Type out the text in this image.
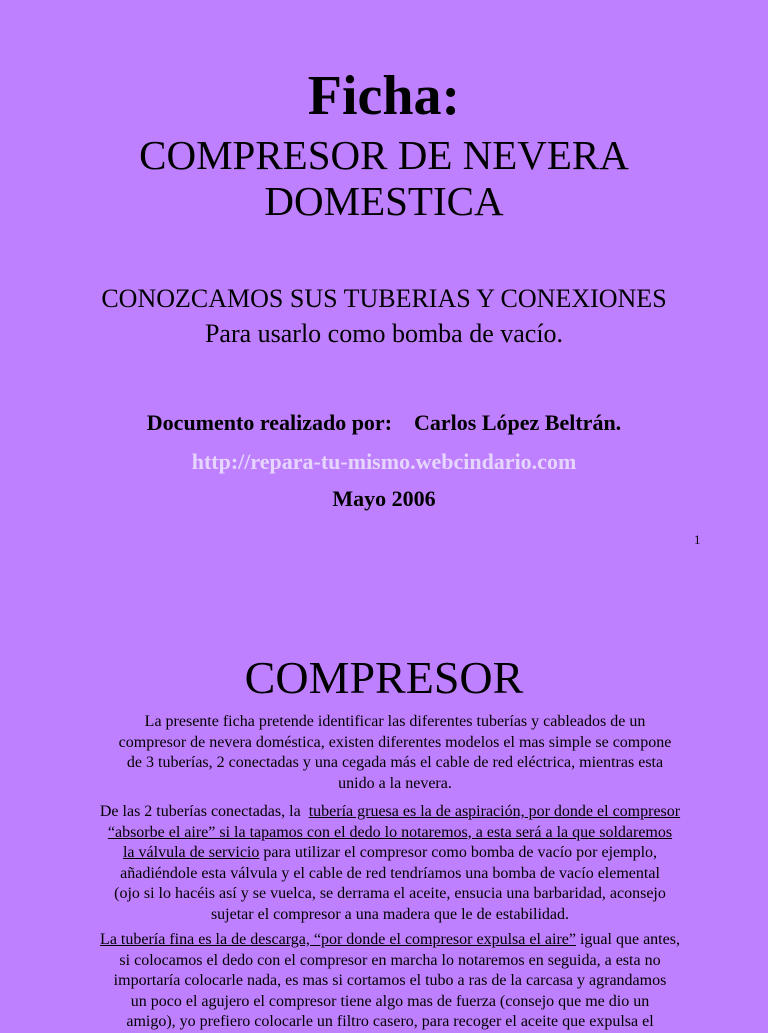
Ficha:
COMPRESOR DE NEVERA
DOMESTICA
CONOZCAMOS SUS TUBERIAS Y CONEXIONES
Para usarlo como bomba de vacío.
Documento realizado por: Carlos López Beltrán.
http://repara-tu-mismo.webcindario.com
Mayo 2006
1
COMPRESOR
La presente ficha pretende identificar las diferentes tuberías y cableados de un
compresor de nevera doméstica, existen diferentes modelos el mas simple se compone
de 3 tuberías, 2 conectadas y una cegada más el cable de red eléctrica, mientras esta
unido a la nevera.
De las 2 tuberías conectadas, la tubería gruesa es la de aspiración, por donde el compresor
“absorbe el aire” si la tapamos con el dedo lo notaremos, a esta será a la que soldaremos
la válvula de servicio para utilizar el compresor como bomba de vacío por ejemplo,
añadiéndole esta válvula y el cable de red tendríamos una bomba de vacío elemental
(ojo si lo hacéis así y se vuelca, se derrama el aceite, ensucia una barbaridad, aconsejo
sujetar el compresor a una madera que le de estabilidad.
La tubería fina es la de descarga, “por donde el compresor expulsa el aire” igual que antes,
si colocamos el dedo con el compresor en marcha lo notaremos en seguida, a esta no
importaría colocarle nada, es mas si cortamos el tubo a ras de la carcasa y agrandamos
un poco el agujero el compresor tiene algo mas de fuerza (consejo que me dio un
amigo), yo prefiero colocarle un filtro casero, para recoger el aceite que expulsa el
